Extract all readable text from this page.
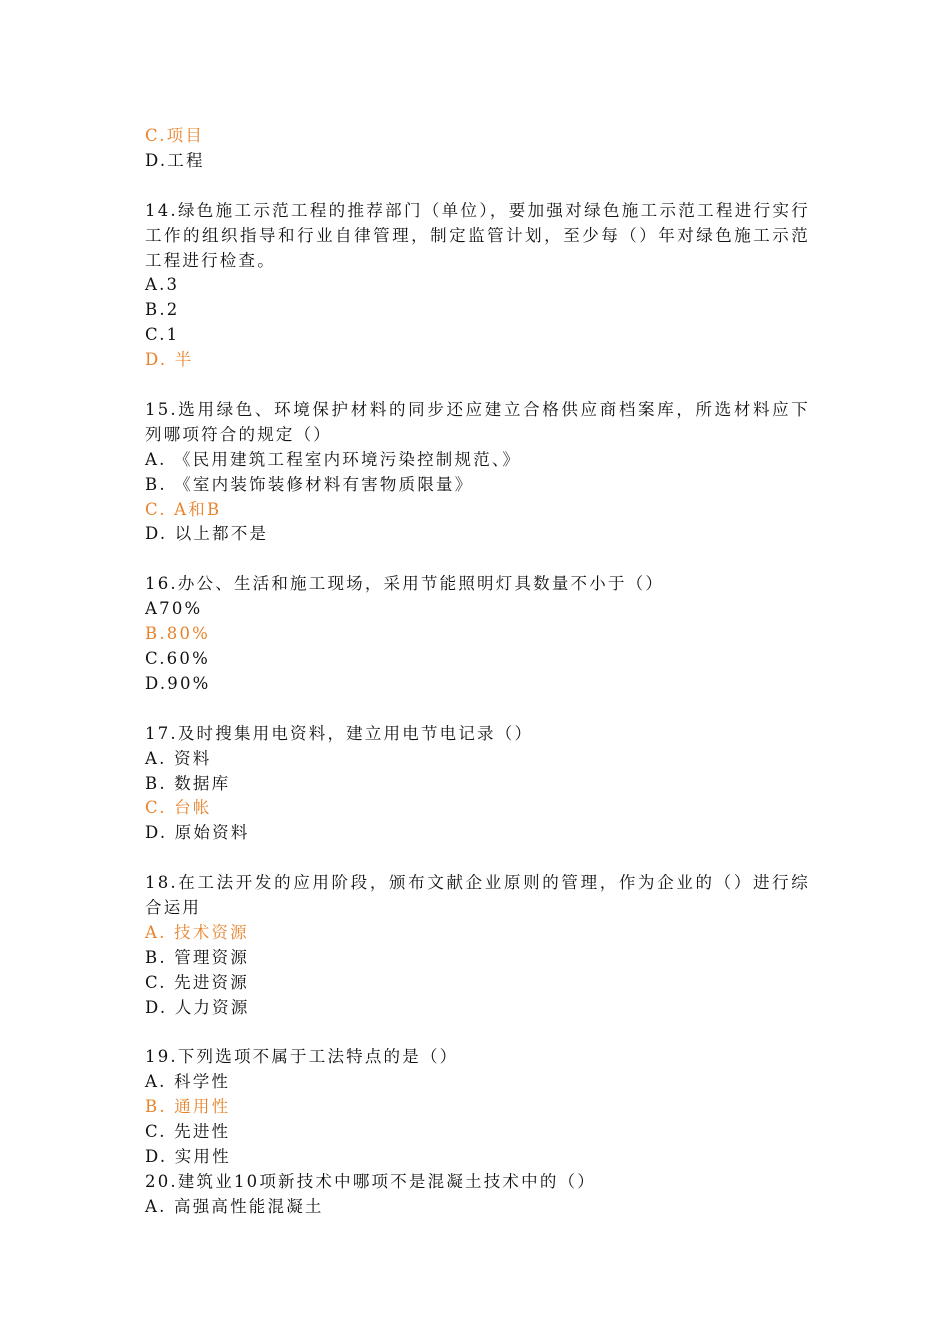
C.项目
D.工程
14.绿色施工示范工程的推荐部门（单位），要加强对绿色施工示范工程进行实行工作的组织指导和行业自律管理，制定监管计划，至少每（）年对绿色施工示范工程进行检查。
A.3
B.2
C.1
D. 半
15.选用绿色、环境保护材料的同步还应建立合格供应商档案库，所选材料应下列哪项符合的规定（）
A. 《民用建筑工程室内环境污染控制规范、》
B. 《室内装饰装修材料有害物质限量》
C. A和B
D. 以上都不是
16.办公、生活和施工现场，采用节能照明灯具数量不小于（）
A70%
B.80%
C.60%
D.90%
17.及时搜集用电资料，建立用电节电记录（）
A. 资料
B. 数据库
C. 台帐
D. 原始资料
18.在工法开发的应用阶段，颁布文献企业原则的管理，作为企业的（）进行综合运用
A. 技术资源
B. 管理资源
C. 先进资源
D. 人力资源
19.下列选项不属于工法特点的是（）
A. 科学性
B. 通用性
C. 先进性
D. 实用性
20.建筑业10项新技术中哪项不是混凝土技术中的（）
A. 高强高性能混凝土
